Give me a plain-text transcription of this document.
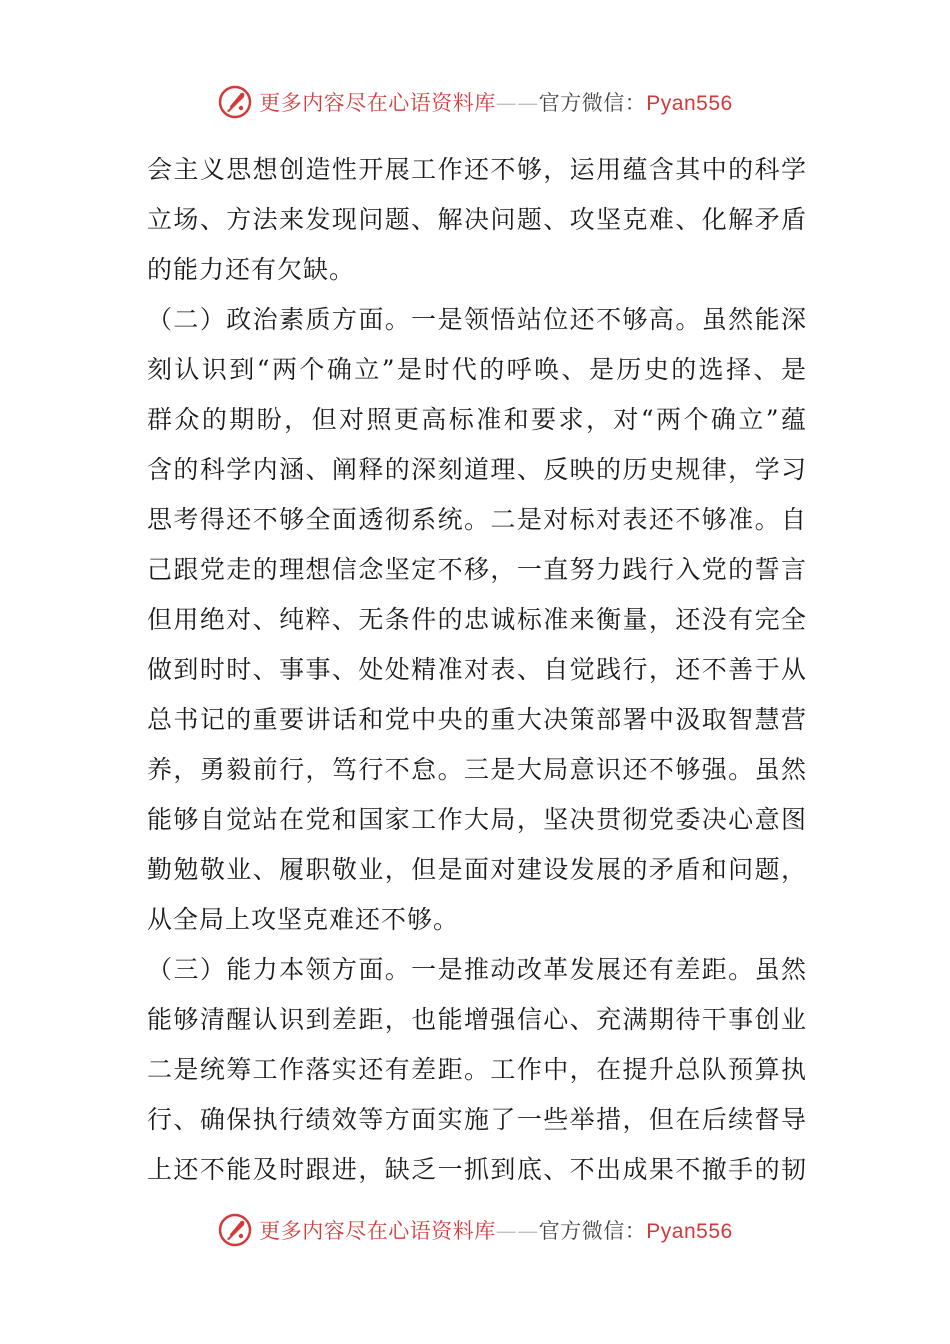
更多内容尽在心语资料库——官方微信：Pyan556
会主义思想创造性开展工作还不够，运用蕴含其中的科学
立场、方法来发现问题、解决问题、攻坚克难、化解矛盾
的能力还有欠缺。
（二）政治素质方面。一是领悟站位还不够高。虽然能深
刻认识到“两个确立”是时代的呼唤、是历史的选择、是
群众的期盼，但对照更高标准和要求，对“两个确立”蕴
含的科学内涵、阐释的深刻道理、反映的历史规律，学习
思考得还不够全面透彻系统。二是对标对表还不够准。自
己跟党走的理想信念坚定不移，一直努力践行入党的誓言
但用绝对、纯粹、无条件的忠诚标准来衡量，还没有完全
做到时时、事事、处处精准对表、自觉践行，还不善于从
总书记的重要讲话和党中央的重大决策部署中汲取智慧营
养，勇毅前行，笃行不怠。三是大局意识还不够强。虽然
能够自觉站在党和国家工作大局，坚决贯彻党委决心意图
勤勉敬业、履职敬业，但是面对建设发展的矛盾和问题，
从全局上攻坚克难还不够。
（三）能力本领方面。一是推动改革发展还有差距。虽然
能够清醒认识到差距，也能增强信心、充满期待干事创业
二是统筹工作落实还有差距。工作中，在提升总队预算执
行、确保执行绩效等方面实施了一些举措，但在后续督导
上还不能及时跟进，缺乏一抓到底、不出成果不撤手的韧
更多内容尽在心语资料库——官方微信：Pyan556
